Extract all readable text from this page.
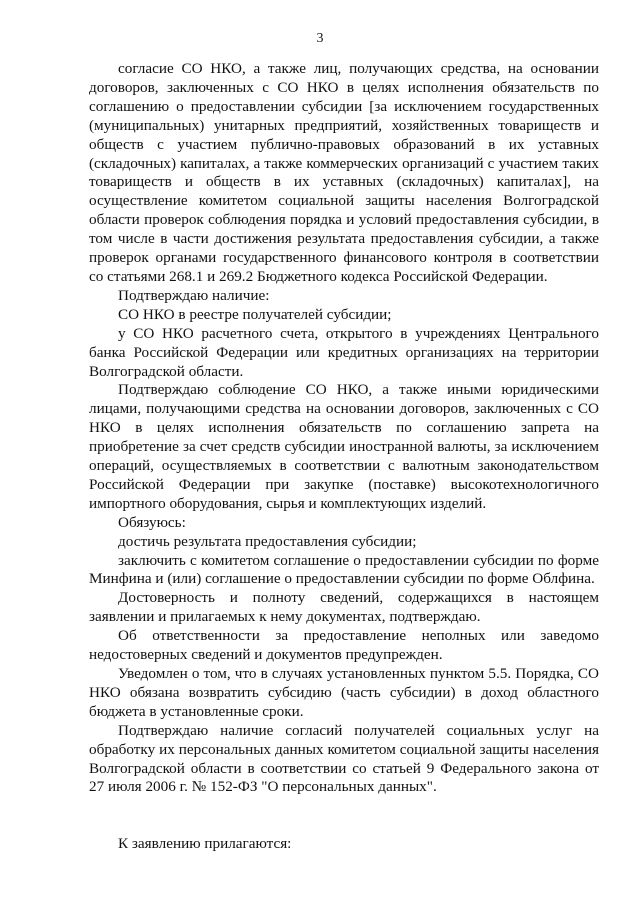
3

согласие СО НКО, а также лиц, получающих средства, на основании договоров, заключенных с СО НКО в целях исполнения обязательств по соглашению о предоставлении субсидии [за исключением государственных (муниципальных) унитарных предприятий, хозяйственных товариществ и обществ с участием публично-правовых образований в их уставных (складочных) капиталах, а также коммерческих организаций с участием таких товариществ и обществ в их уставных (складочных) капиталах], на осуществление комитетом социальной защиты населения Волгоградской области проверок соблюдения порядка и условий предоставления субсидии, в том числе в части достижения результата предоставления субсидии, а также проверок органами государственного финансового контроля в соответствии со статьями 268.1 и 269.2 Бюджетного кодекса Российской Федерации.

Подтверждаю наличие:

СО НКО в реестре получателей субсидии;

у СО НКО расчетного счета, открытого в учреждениях Центрального банка Российской Федерации или кредитных организациях на территории Волгоградской области.

Подтверждаю соблюдение СО НКО, а также иными юридическими лицами, получающими средства на основании договоров, заключенных с СО НКО в целях исполнения обязательств по соглашению запрета на приобретение за счет средств субсидии иностранной валюты, за исключением операций, осуществляемых в соответствии с валютным законодательством Российской Федерации при закупке (поставке) высокотехнологичного импортного оборудования, сырья и комплектующих изделий.

Обязуюсь:

достичь результата предоставления субсидии;

заключить с комитетом соглашение о предоставлении субсидии по форме Минфина и (или) соглашение о предоставлении субсидии по форме Облфина.

Достоверность и полноту сведений, содержащихся в настоящем заявлении и прилагаемых к нему документах, подтверждаю.

Об ответственности за предоставление неполных или заведомо недостоверных сведений и документов предупрежден.

Уведомлен о том, что в случаях установленных пунктом 5.5. Порядка, СО НКО обязана возвратить субсидию (часть субсидии) в доход областного бюджета в установленные сроки.

Подтверждаю наличие согласий получателей социальных услуг на обработку их персональных данных комитетом социальной защиты населения Волгоградской области в соответствии со статьей 9 Федерального закона от 27 июля 2006 г. № 152-ФЗ "О персональных данных".

К заявлению прилагаются:
